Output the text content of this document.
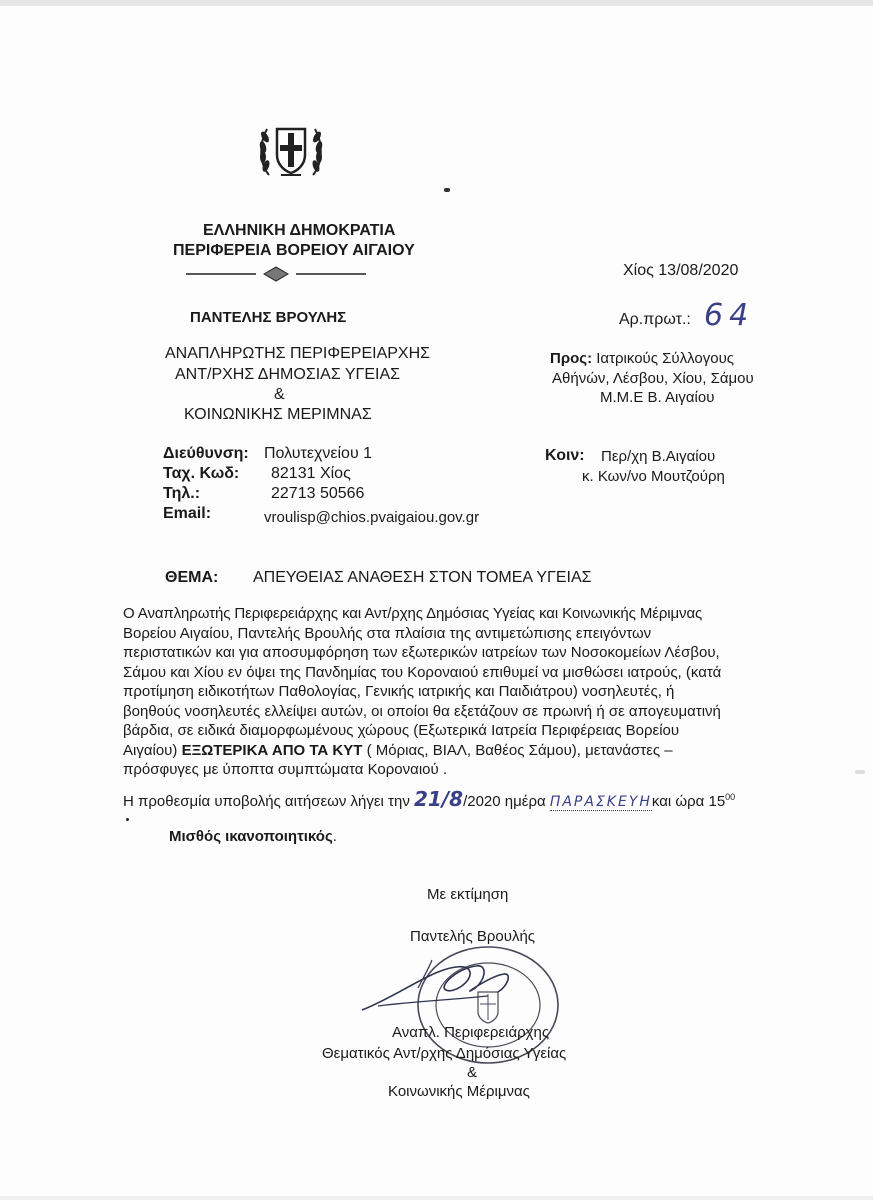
ΕΛΛΗΝΙΚΗ ΔΗΜΟΚΡΑΤΙΑ
ΠΕΡΙΦΕΡΕΙΑ ΒΟΡΕΙΟΥ ΑΙΓΑΙΟΥ
Χίος 13/08/2020
ΠΑΝΤΕΛΗΣ ΒΡΟΥΛΗΣ	Αρ.πρωτ.: 64
ΑΝΑΠΛΗΡΩΤΗΣ ΠΕΡΙΦΕΡΕΙΑΡΧΗΣ
ΑΝΤ/ΡΧΗΣ ΔΗΜΟΣΙΑΣ ΥΓΕΙΑΣ
&
ΚΟΙΝΩΝΙΚΗΣ ΜΕΡΙΜΝΑΣ
Προς: Ιατρικούς Σύλλογους
Αθήνών, Λέσβου, Χίου, Σάμου
Μ.Μ.Ε Β. Αιγαίου
Διεύθυνση: Πολυτεχνείου 1
Ταχ. Κωδ: 82131 Χίος
Τηλ.:	22713 50566
Email:	vroulisp@chios.pvaigaiou.gov.gr
Κοιν: Περ/χη Β.Αιγαίου
κ. Κων/νο Μουτζούρη
ΘΕΜΑ: ΑΠΕΥΘΕΙΑΣ ΑΝΑΘΕΣΗ ΣΤΟΝ ΤΟΜΕΑ ΥΓΕΙΑΣ
Ο Αναπληρωτής Περιφερειάρχης και Αντ/ρχης Δημόσιας Υγείας και Κοινωνικής Μέριμνας
Βορείου Αιγαίου, Παντελής Βρουλής στα πλαίσια της αντιμετώπισης επειγόντων
περιστατικών και για αποσυμφόρηση των εξωτερικών ιατρείων των Νοσοκομείων Λέσβου,
Σάμου και Χίου εν όψει της Πανδημίας του Κοροναιού επιθυμεί να μισθώσει ιατρούς, (κατά
προτίμηση ειδικοτήτων Παθολογίας, Γενικής ιατρικής και Παιδιάτρου) νοσηλευτές, ή
βοηθούς νοσηλευτές ελλείψει αυτών, οι οποίοι θα εξετάζουν σε πρωινή ή σε απογευματινή
βάρδια, σε ειδικά διαμορφωμένους χώρους (Εξωτερικά Ιατρεία Περιφέρειας Βορείου
Αιγαίου) ΕΞΩΤΕΡΙΚΑ ΑΠΟ ΤΑ ΚΥΤ ( Μόριας, ΒΙΑΛ, Βαθέος Σάμου), μετανάστες –
πρόσφυγες με ύποπτα συμπτώματα Κοροναιού .
Η προθεσμία υποβολής αιτήσεων λήγει την 21/8/2020 ημέρα ΠΑΡΑΣΚΕΥΗκαι ώρα $15^{00}$
Μισθός ικανοποιητικός.
Με εκτίμηση
Παντελής Βρουλής
Αναπλ. Περιφερειάρχης
Θεματικός Αντ/ρχης Δημόσιας Υγείας
&
Κοινωνικής Μέριμνας
